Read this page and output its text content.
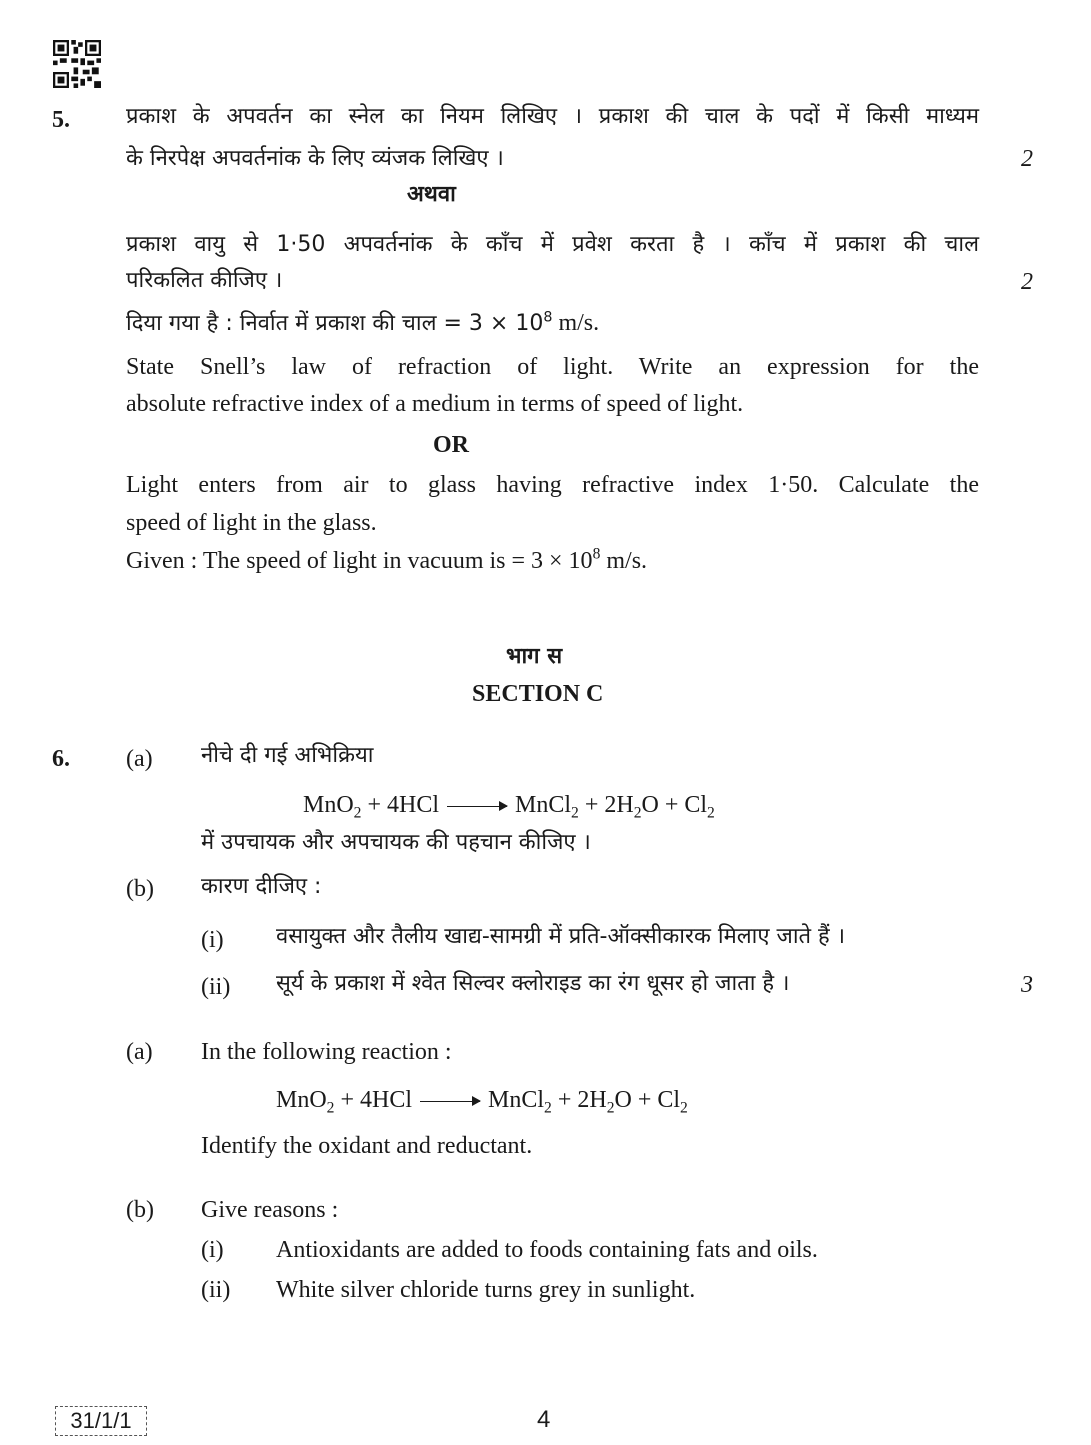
5.	प्रकाश के अपवर्तन का स्नेल का नियम लिखिए । प्रकाश की चाल के पदों में किसी माध्यम
के निरपेक्ष अपवर्तनांक के लिए व्यंजक लिखिए ।	2
अथवा
प्रकाश वायु से 1·50 अपवर्तनांक के काँच में प्रवेश करता है । काँच में प्रकाश की चाल
परिकलित कीजिए ।	2
दिया गया है : निर्वात में प्रकाश की चाल = $3 \times 10^8$ m/s.
State Snell’s law of refraction of light. Write an expression for the
absolute refractive index of a medium in terms of speed of light.
OR
Light enters from air to glass having refractive index 1·50. Calculate the
speed of light in the glass.
Given : The speed of light in vacuum is = $3 \times 10^8$ m/s.
भाग स
SECTION C
6. (a) नीचे दी गई अभिक्रिया
MnO$_2$ + 4HCl → MnCl$_2$ + $2H_2O + Cl_2$
में उपचायक और अपचायक की पहचान कीजिए ।
(b) कारण दीजिए :
(i) वसायुक्त और तैलीय खाद्य-सामग्री में प्रति-ऑक्सीकारक मिलाए जाते हैं ।
(ii) सूर्य के प्रकाश में श्वेत सिल्वर क्लोराइड का रंग धूसर हो जाता है ।	3
(a) In the following reaction :
MnO$_2$ + 4HCl → MnCl$_2$ + $2H_2O + Cl_2$
Identify the oxidant and reductant.
(b) Give reasons :
(i) Antioxidants are added to foods containing fats and oils.
(ii) White silver chloride turns grey in sunlight.
31/1/1	4
